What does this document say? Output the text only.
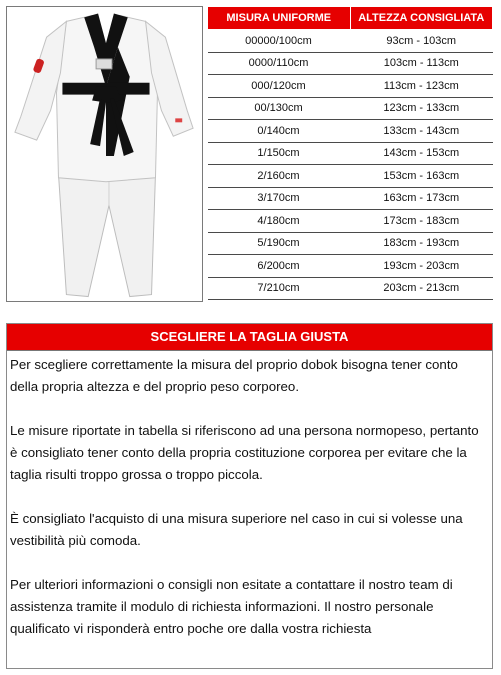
MISURA UNIFORME	ALTEZZA CONSIGLIATA
00000/100cm	93cm - 103cm
0000/110cm	103cm - 113cm
000/120cm	113cm - 123cm
00/130cm	123cm - 133cm
0/140cm	133cm - 143cm
1/150cm	143cm - 153cm
2/160cm	153cm - 163cm
3/170cm	163cm - 173cm
4/180cm	173cm - 183cm
5/190cm	183cm - 193cm
6/200cm	193cm - 203cm
7/210cm	203cm - 213cm
SCEGLIERE LA TAGLIA GIUSTA

Per scegliere correttamente la misura del proprio dobok bisogna tener conto della propria altezza e del proprio peso corporeo.

Le misure riportate in tabella si riferiscono ad una persona normopeso, pertanto è consigliato tener conto della propria costituzione corporea per evitare che la taglia risulti troppo grossa o troppo piccola.

È consigliato l'acquisto di una misura superiore nel caso in cui si volesse una vestibilità più comoda.

Per ulteriori informazioni o consigli non esitate a contattare il nostro team di assistenza tramite il modulo di richiesta informazioni. Il nostro personale qualificato vi risponderà entro poche ore dalla vostra richiesta
